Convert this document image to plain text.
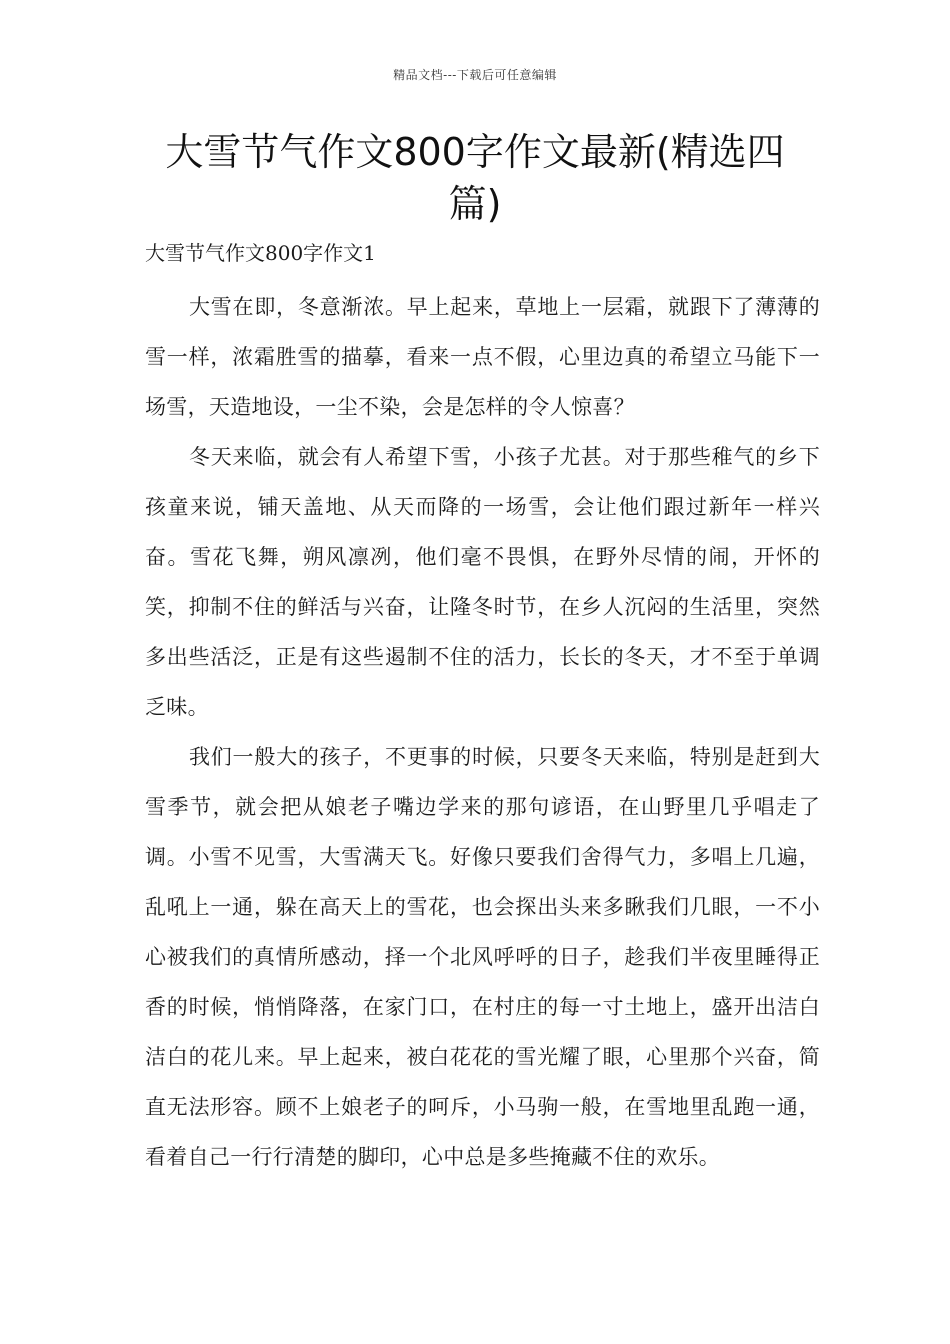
精品文档---下载后可任意编辑
大雪节气作文800字作文最新(精选四篇)

大雪节气作文800字作文1

大雪在即，冬意渐浓。早上起来，草地上一层霜，就跟下了薄薄的雪一样，浓霜胜雪的描摹，看来一点不假，心里边真的希望立马能下一场雪，天造地设，一尘不染，会是怎样的令人惊喜？

冬天来临，就会有人希望下雪，小孩子尤甚。对于那些稚气的乡下孩童来说，铺天盖地、从天而降的一场雪，会让他们跟过新年一样兴奋。雪花飞舞，朔风凛冽，他们毫不畏惧，在野外尽情的闹，开怀的笑，抑制不住的鲜活与兴奋，让隆冬时节，在乡人沉闷的生活里，突然多出些活泛，正是有这些遏制不住的活力，长长的冬天，才不至于单调乏味。

我们一般大的孩子，不更事的时候，只要冬天来临，特别是赶到大雪季节，就会把从娘老子嘴边学来的那句谚语，在山野里几乎唱走了调。小雪不见雪，大雪满天飞。好像只要我们舍得气力，多唱上几遍，乱吼上一通，躲在高天上的雪花，也会探出头来多瞅我们几眼，一不小心被我们的真情所感动，择一个北风呼呼的日子，趁我们半夜里睡得正香的时候，悄悄降落，在家门口，在村庄的每一寸土地上，盛开出洁白洁白的花儿来。早上起来，被白花花的雪光耀了眼，心里那个兴奋，简直无法形容。顾不上娘老子的呵斥，小马驹一般，在雪地里乱跑一通，看着自己一行行清楚的脚印，心中总是多些掩藏不住的欢乐。
